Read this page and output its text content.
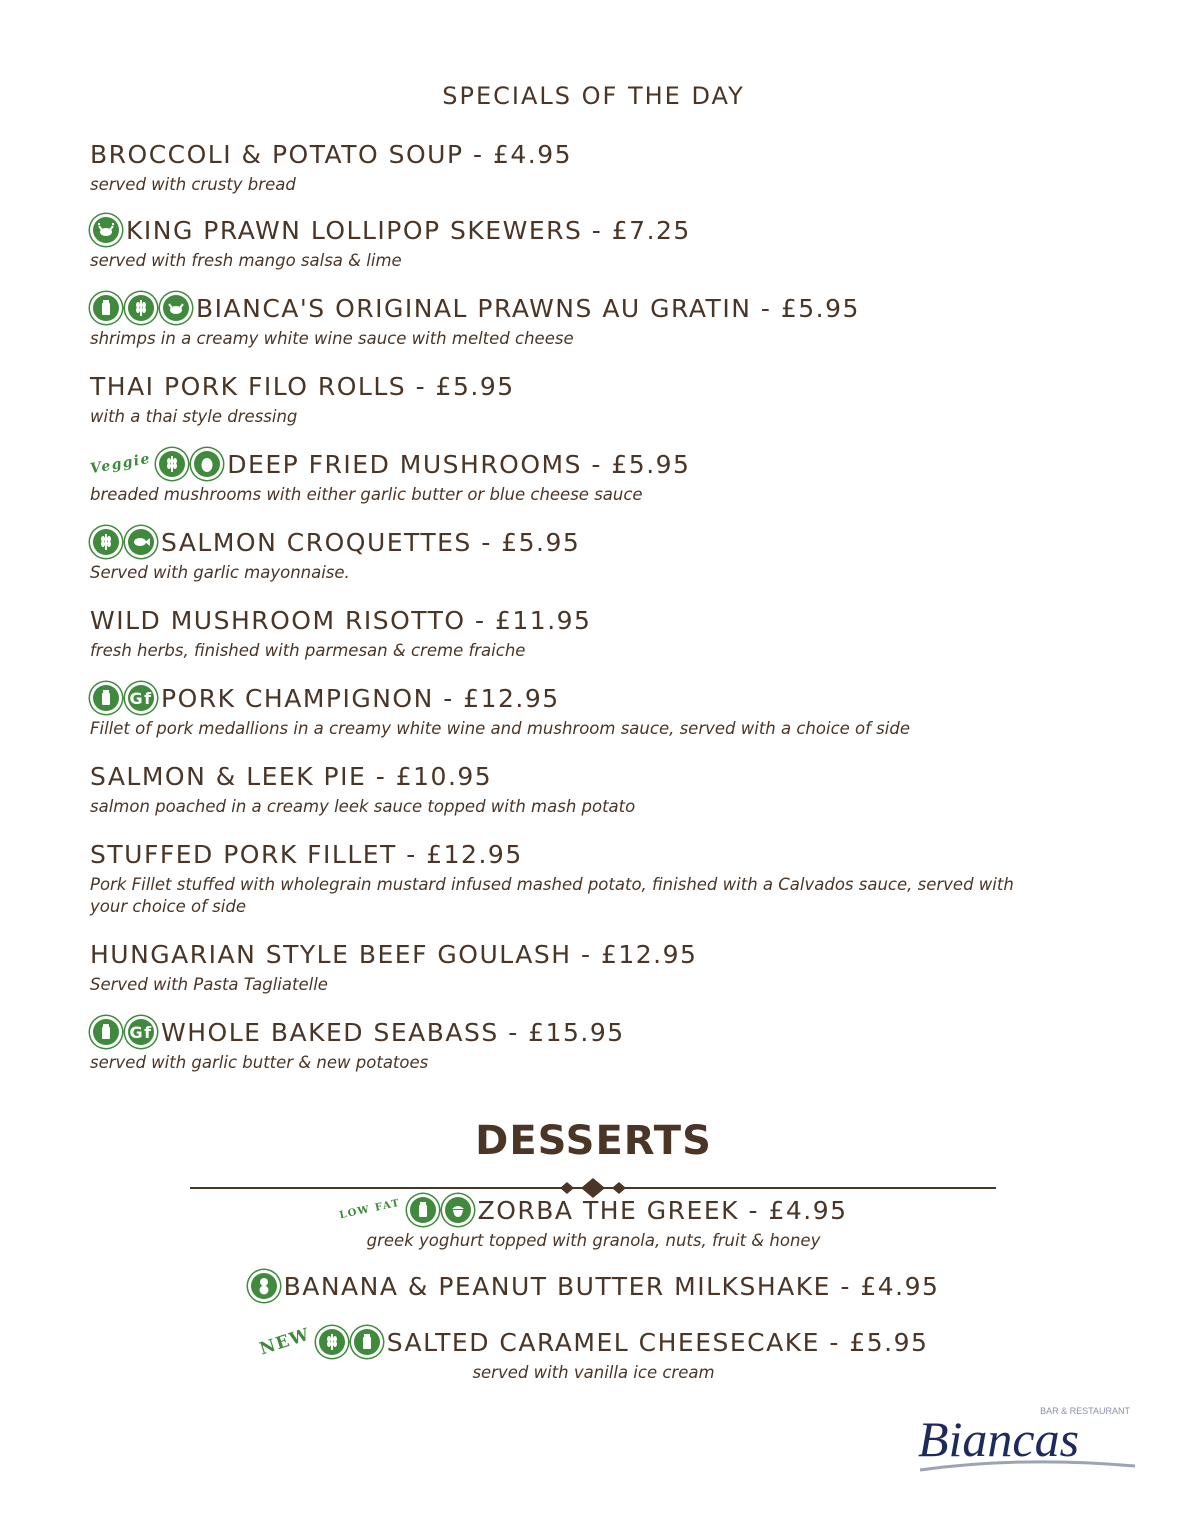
SPECIALS OF THE DAY
BROCCOLI & POTATO SOUP - £4.95
served with crusty bread
KING PRAWN LOLLIPOP SKEWERS - £7.25
served with fresh mango salsa & lime
BIANCA'S ORIGINAL PRAWNS AU GRATIN - £5.95
shrimps in a creamy white wine sauce with melted cheese
THAI PORK FILO ROLLS - £5.95
with a thai style dressing
Veggie	DEEP FRIED MUSHROOMS - £5.95
breaded mushrooms with either garlic butter or blue cheese sauce
SALMON CROQUETTES - £5.95
Served with garlic mayonnaise.
WILD MUSHROOM RISOTTO - £11.95
fresh herbs, finished with parmesan & creme fraiche
Gf PORK CHAMPIGNON - £12.95
Fillet of pork medallions in a creamy white wine and mushroom sauce, served with a choice of side
SALMON & LEEK PIE - £10.95
salmon poached in a creamy leek sauce topped with mash potato
STUFFED PORK FILLET - £12.95
Pork Fillet stuffed with wholegrain mustard infused mashed potato, finished with a Calvados sauce, served with your choice of side
HUNGARIAN STYLE BEEF GOULASH - £12.95
Served with Pasta Tagliatelle
Gf WHOLE BAKED SEABASS - £15.95
served with garlic butter & new potatoes
DESSERTS
LOW FAT	ZORBA THE GREEK - £4.95
greek yoghurt topped with granola, nuts, fruit & honey
BANANA & PEANUT BUTTER MILKSHAKE - £4.95
NEW	SALTED CARAMEL CHEESECAKE - £5.95
served with vanilla ice cream
BAR & RESTAURANT
Biancas
